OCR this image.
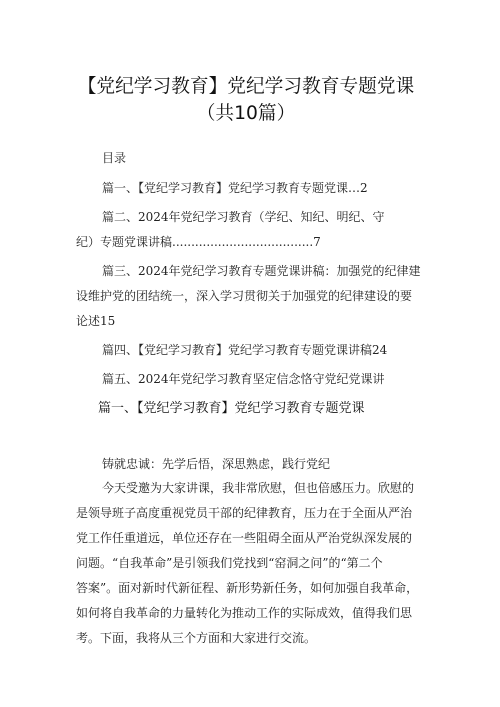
【党纪学习教育】党纪学习教育专题党课
（共10篇）
目录
篇一、【党纪学习教育】党纪学习教育专题党课…2
篇二、2024年党纪学习教育（学纪、知纪、明纪、守
纪）专题党课讲稿.....................................7
篇三、2024年党纪学习教育专题党课讲稿：加强党的纪律建
设维护党的团结统一，深入学习贯彻关于加强党的纪律建设的要
论述15
篇四、【党纪学习教育】党纪学习教育专题党课讲稿24
篇五、2024年党纪学习教育坚定信念恪守党纪党课讲
篇一、【党纪学习教育】党纪学习教育专题党课
铸就忠诚：先学后悟，深思熟虑，践行党纪
今天受邀为大家讲课，我非常欣慰，但也倍感压力。欣慰的
是领导班子高度重视党员干部的纪律教育，压力在于全面从严治
党工作任重道远，单位还存在一些阻碍全面从严治党纵深发展的
问题。“自我革命”是引领我们党找到“窑洞之问”的“第二个
答案”。面对新时代新征程、新形势新任务，如何加强自我革命，
如何将自我革命的力量转化为推动工作的实际成效，值得我们思
考。下面，我将从三个方面和大家进行交流。
